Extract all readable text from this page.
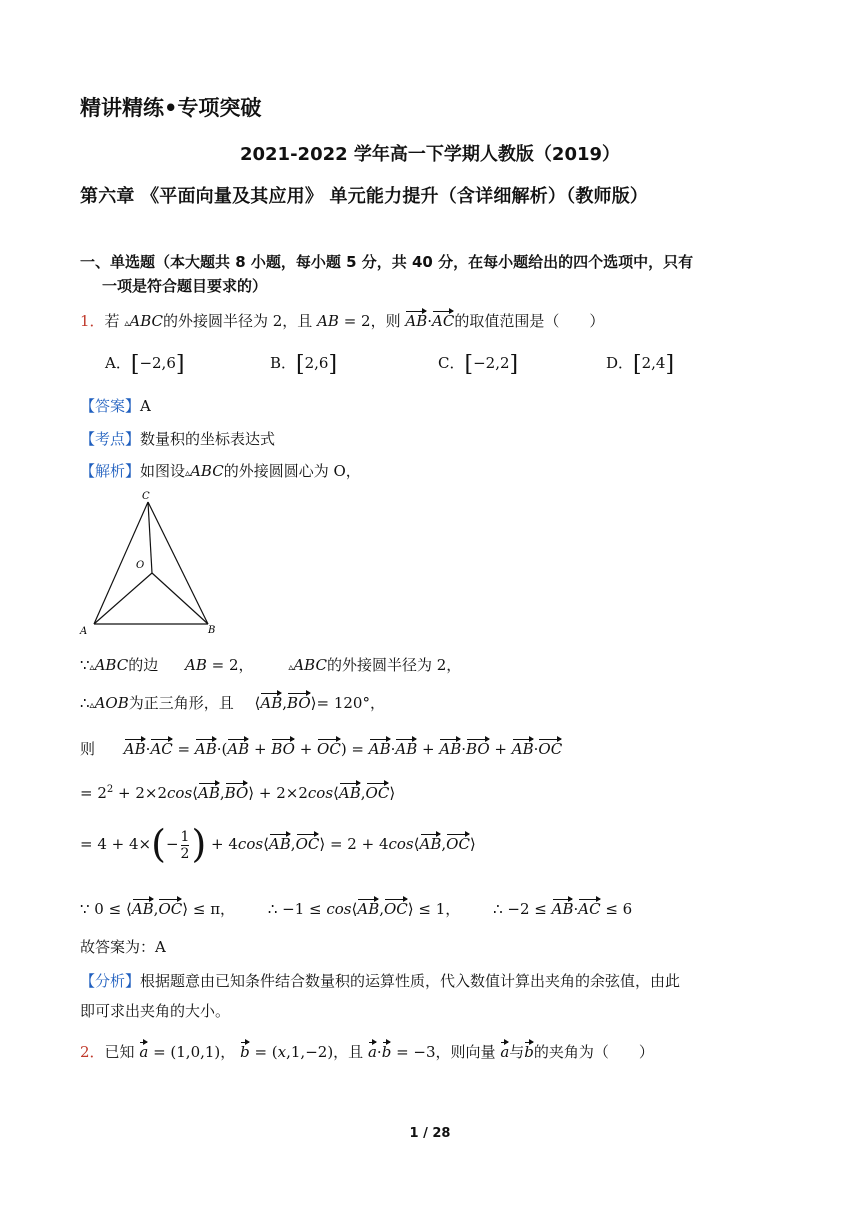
精讲精练•专项突破
2021-2022 学年高一下学期人教版（2019）
第六章 《平面向量及其应用》 单元能力提升（含详细解析）（教师版）
一、单选题（本大题共 8 小题，每小题 5 分，共 40 分，在每小题给出的四个选项中，只有
一项是符合题目要求的）
1．若 ▵ABC的外接圆半径为 2，且 AB = 2，则 AB·AC的取值范围是（　　）
A．[−2,6]	B．[2,6]	C．[−2,2]	D．[2,4]
【答案】A
【考点】数量积的坐标表达式
【解析】如图设▵ABC的外接圆圆心为 O，
C
O
A	B
∵▵ABC的边 AB = 2，	▵ABC的外接圆半径为 2，
∴▵AOB为正三角形，且 ⟨AB,BO⟩= 120°，
则 AB·AC = AB·(AB + BO + OC) = AB·AB + AB·BO + AB·OC
= $2^2$ + 2×2cos⟨AB,BO⟩ + 2×2cos⟨AB,OC⟩
= $4 + 4\times(- \frac{1}{2}$ ) + 4cos⟨AB,OC⟩ = 2 + 4cos⟨AB,OC⟩
∵ 0 ≤ ⟨AB,OC⟩ ≤ π， ∴ −1 ≤ cos⟨AB,OC⟩ ≤ 1， ∴ −2 ≤ AB·AC ≤ 6
故答案为：A
【分析】根据题意由已知条件结合数量积的运算性质，代入数值计算出夹角的余弦值，由此
即可求出夹角的大小。
2．已知 a = (1,0,1)， b = (x,1,−2)，且 a·b = −3，则向量 a与b的夹角为（　　）
1 / 28
